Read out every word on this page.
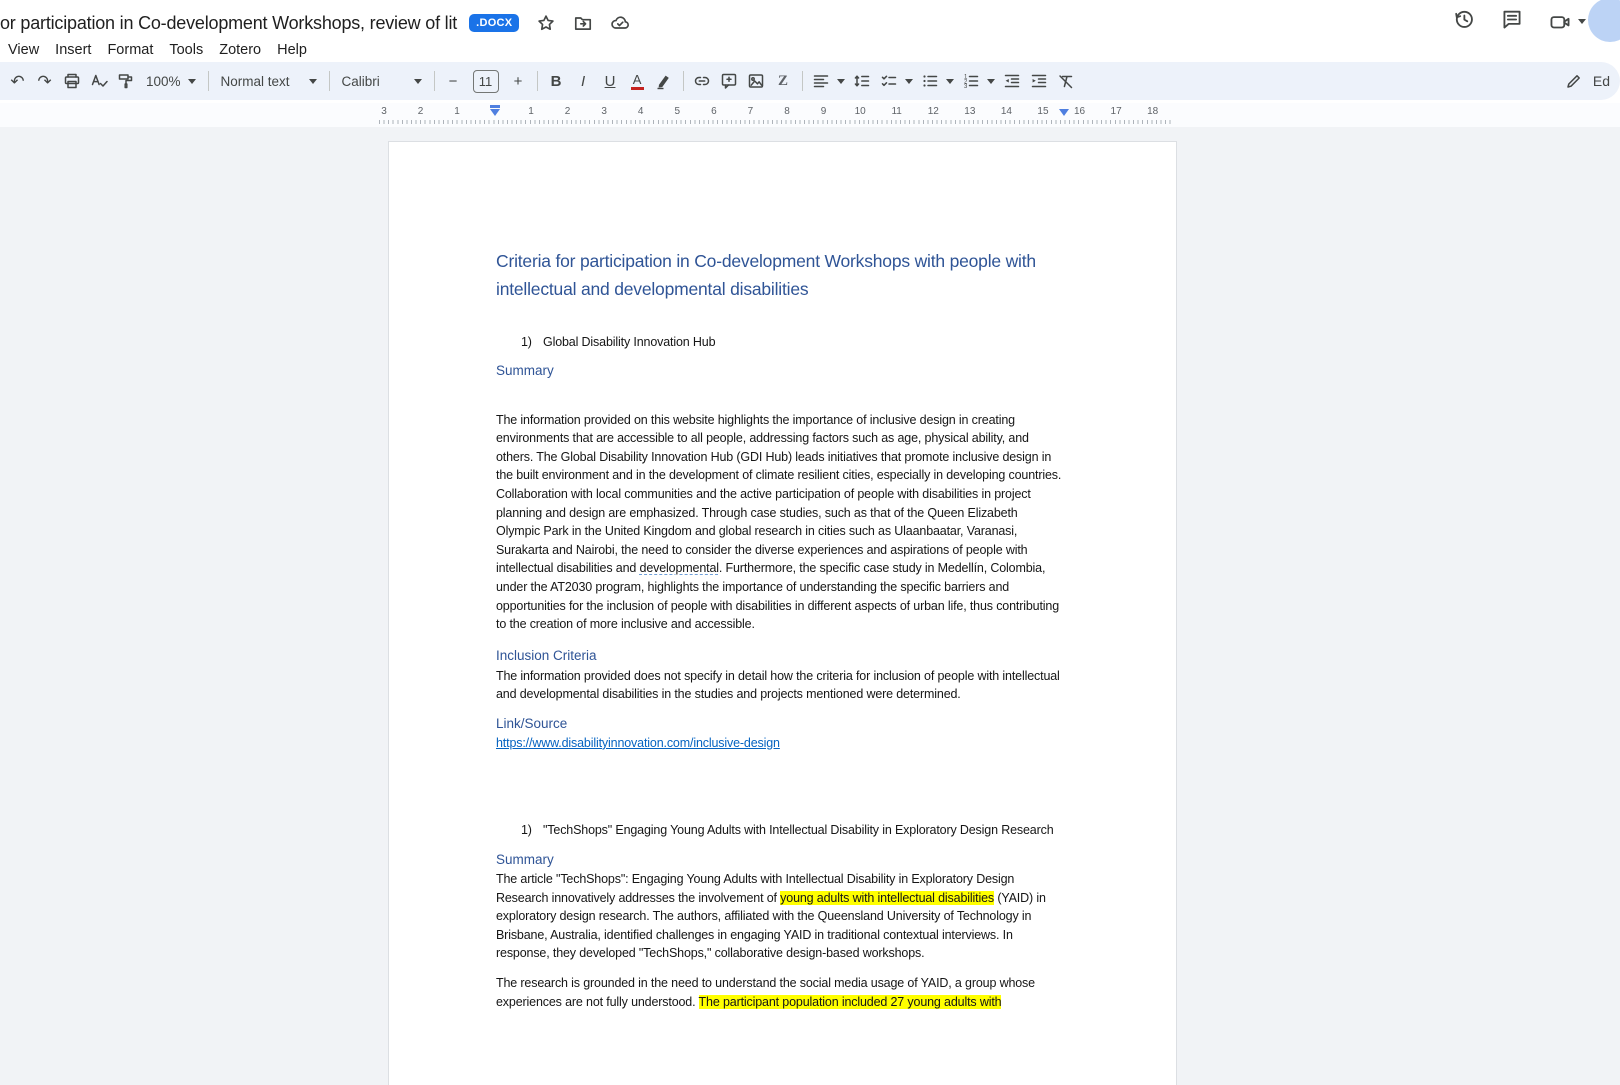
or participation in Co-development Workshops, review of lit	.DOCX
View Insert Format Tools Zotero Help
↶ ↷	100%	Normal text	Calibri	−	11	+ B I U A	Z	1
2
3	Ed
3	2	1	1	2	3	4	5	6	7	8	9	10	11	12	13	14	15	16	17	18
Criteria for participation in Co-development Workshops with people with intellectual and developmental disabilities
1) Global Disability Innovation Hub
Summary

The information provided on this website highlights the importance of inclusive design in creating environments that are accessible to all people, addressing factors such as age, physical ability, and others. The Global Disability Innovation Hub (GDI Hub) leads initiatives that promote inclusive design in the built environment and in the development of climate resilient cities, especially in developing countries. Collaboration with local communities and the active participation of people with disabilities in project planning and design are emphasized. Through case studies, such as that of the Queen Elizabeth Olympic Park in the United Kingdom and global research in cities such as Ulaanbaatar, Varanasi, Surakarta and Nairobi, the need to consider the diverse experiences and aspirations of people with intellectual disabilities and developmental. Furthermore, the specific case study in Medellín, Colombia, under the AT2030 program, highlights the importance of understanding the specific barriers and opportunities for the inclusion of people with disabilities in different aspects of urban life, thus contributing to the creation of more inclusive and accessible.

Inclusion Criteria

The information provided does not specify in detail how the criteria for inclusion of people with intellectual and developmental disabilities in the studies and projects mentioned were determined.

Link/Source

https://www.disabilityinnovation.com/inclusive-design

1) "TechShops" Engaging Young Adults with Intellectual Disability in Exploratory Design Research
Summary

The article "TechShops": Engaging Young Adults with Intellectual Disability in Exploratory Design Research innovatively addresses the involvement of young adults with intellectual disabilities (YAID) in exploratory design research. The authors, affiliated with the Queensland University of Technology in Brisbane, Australia, identified challenges in engaging YAID in traditional contextual interviews. In response, they developed "TechShops," collaborative design-based workshops.

The research is grounded in the need to understand the social media usage of YAID, a group whose experiences are not fully understood. The participant population included 27 young adults with
